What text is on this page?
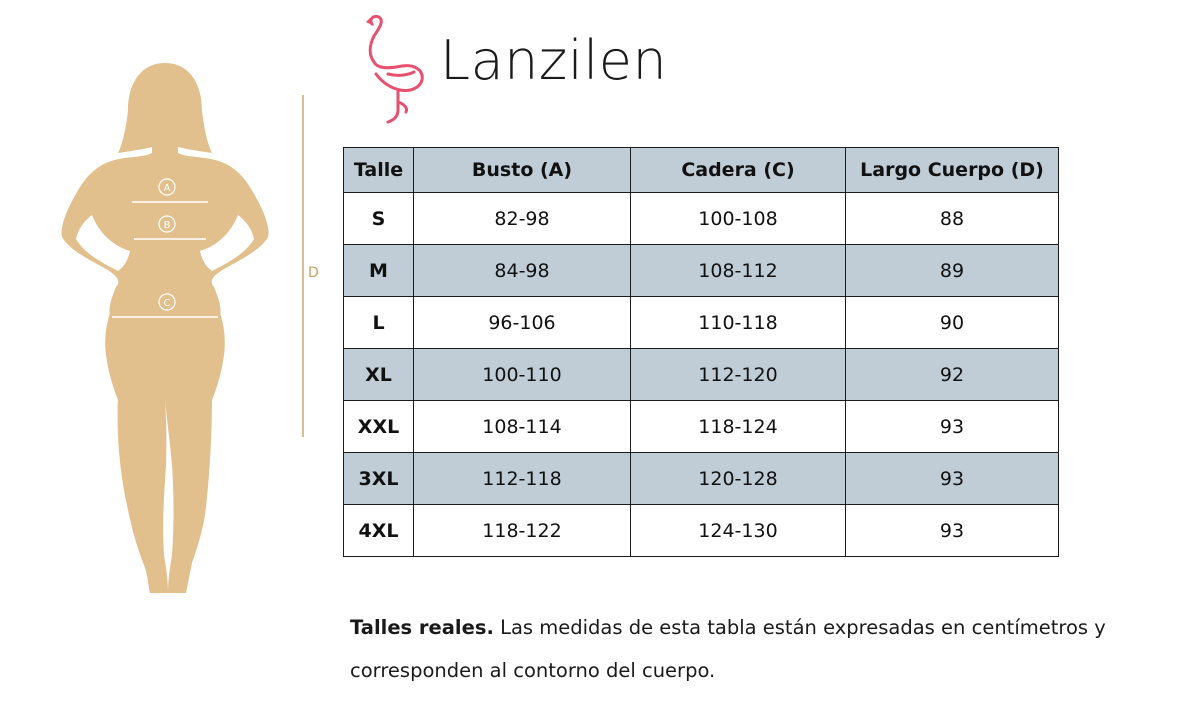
A
B
C
D
Lanzilen
Talle	Busto (A)	Cadera (C)	Largo Cuerpo (D)
S	82-98	100-108	88
M	84-98	108-112	89
L	96-106	110-118	90
XL	100-110	112-120	92
XXL	108-114	118-124	93
3XL	112-118	120-128	93
4XL	118-122	124-130	93
Talles reales. Las medidas de esta tabla están expresadas en centímetros y corresponden al contorno del cuerpo.
